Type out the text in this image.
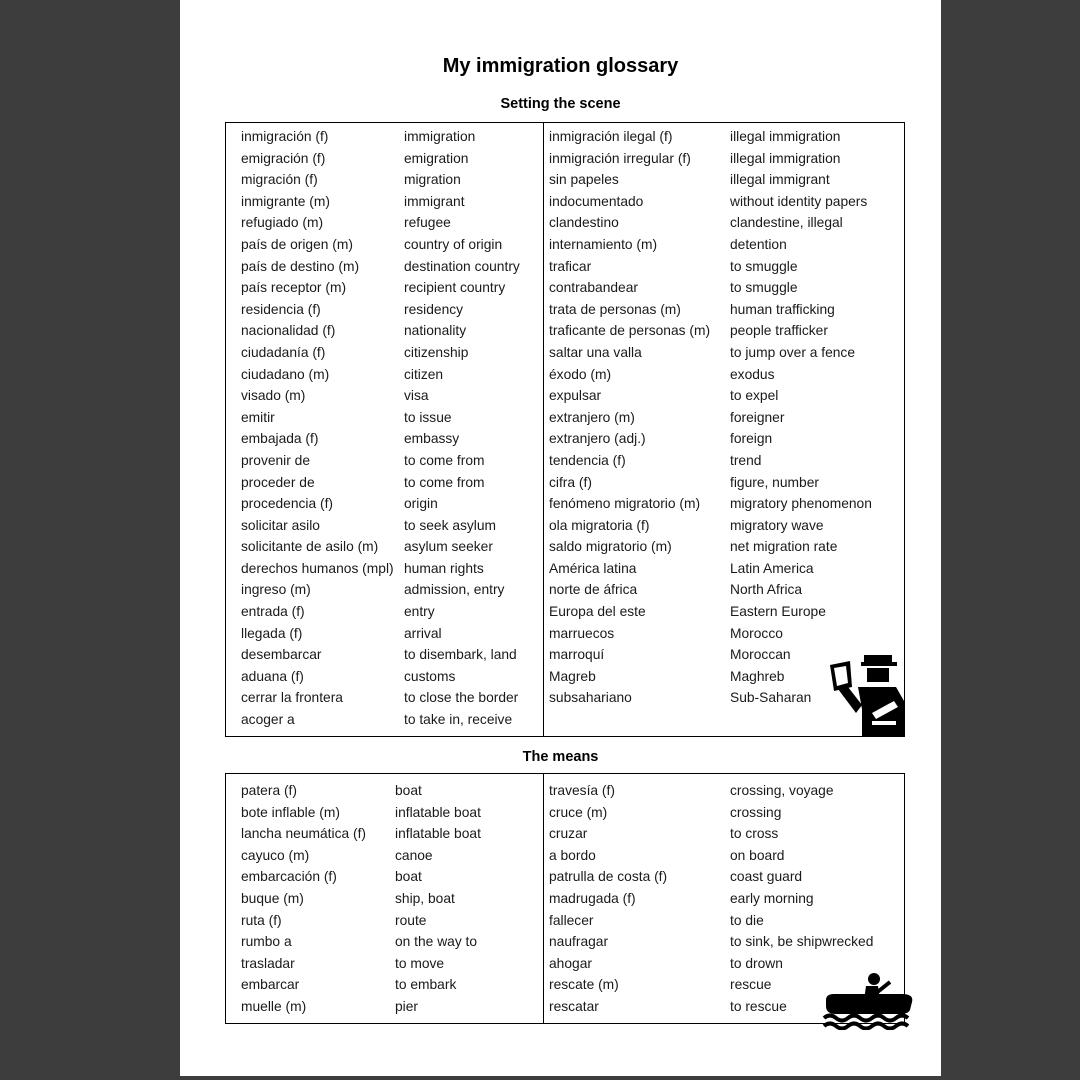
My immigration glossary
Setting the scene
inmigración (f)
emigración (f)
migración (f)
inmigrante (m)
refugiado (m)
país de origen (m)
país de destino (m)
país receptor (m)
residencia (f)
nacionalidad (f)
ciudadanía (f)
ciudadano (m)
visado (m)
emitir
embajada (f)
provenir de
proceder de
procedencia (f)
solicitar asilo
solicitante de asilo (m)
derechos humanos (mpl)
ingreso (m)
entrada (f)
llegada (f)
desembarcar
aduana (f)
cerrar la frontera
acoger a
immigration
emigration
migration
immigrant
refugee
country of origin
destination country
recipient country
residency
nationality
citizenship
citizen
visa
to issue
embassy
to come from
to come from
origin
to seek asylum
asylum seeker
human rights
admission, entry
entry
arrival
to disembark, land
customs
to close the border
to take in, receive
inmigración ilegal (f)
inmigración irregular (f)
sin papeles
indocumentado
clandestino
internamiento (m)
traficar
contrabandear
trata de personas (m)
traficante de personas (m)
saltar una valla
éxodo (m)
expulsar
extranjero (m)
extranjero (adj.)
tendencia (f)
cifra (f)
fenómeno migratorio (m)
ola migratoria (f)
saldo migratorio (m)
América latina
norte de áfrica
Europa del este
marruecos
marroquí
Magreb
subsahariano
illegal immigration
illegal immigration
illegal immigrant
without identity papers
clandestine, illegal
detention
to smuggle
to smuggle
human trafficking
people trafficker
to jump over a fence
exodus
to expel
foreigner
foreign
trend
figure, number
migratory phenomenon
migratory wave
net migration rate
Latin America
North Africa
Eastern Europe
Morocco
Moroccan
Maghreb
Sub-Saharan
The means
patera (f)
bote inflable (m)
lancha neumática (f)
cayuco (m)
embarcación (f)
buque (m)
ruta (f)
rumbo a
trasladar
embarcar
muelle (m)
boat
inflatable boat
inflatable boat
canoe
boat
ship, boat
route
on the way to
to move
to embark
pier
travesía (f)
cruce (m)
cruzar
a bordo
patrulla de costa (f)
madrugada (f)
fallecer
naufragar
ahogar
rescate (m)
rescatar
crossing, voyage
crossing
to cross
on board
coast guard
early morning
to die
to sink, be shipwrecked
to drown
rescue
to rescue
